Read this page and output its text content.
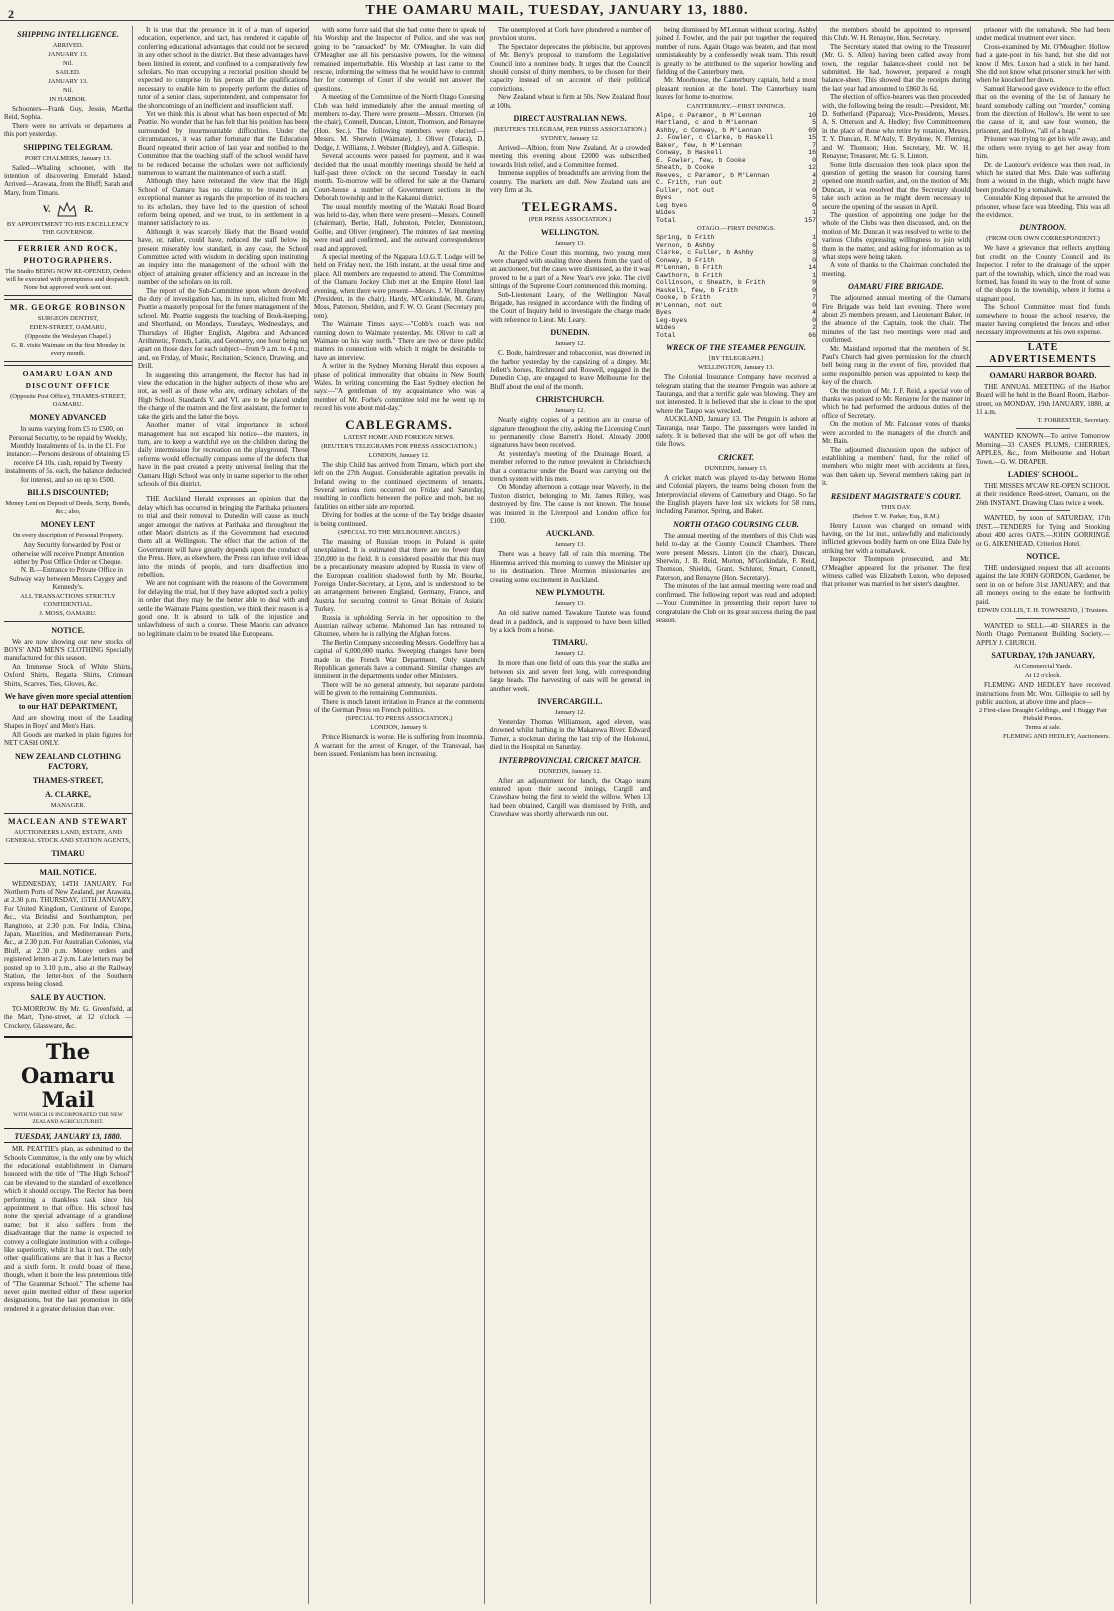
2	THE OAMARU MAIL, TUESDAY, JANUARY 13, 1880.
SHIPPING INTELLIGENCE.
ARRIVED.
JANUARY 13.
Nil.
SAILED.
JANUARY 13.
Nil.
IN HARBOR.

Schooners—Frank Guy, Jessie, Martha Reid, Sophia.

There were no arrivals or departures at this port yesterday.

SHIPPING TELEGRAM.
PORT CHALMERS, January 13.

Sailed—Whaling schooner, with the intention of discovering Emerald Island. Arrived—Arawata, from the Bluff; Sarah and Mary, from Timaru.

V.	R.
BY APPOINTMENT TO HIS EXCELLENCY THE GOVERNOR.
FERRIER AND ROCK, PHOTOGRAPHERS.
The Studio BEING NOW RE-OPENED, Orders will be executed with promptness and despatch. None but approved work sent out.
MR. GEORGE ROBINSON
SURGEON DENTIST,
EDEN-STREET, OAMARU,
(Opposite the Wesleyan Chapel.)
G. R. visits Waimate on the first Monday in every month.
OAMARU LOAN AND DISCOUNT OFFICE
(Opposite Post Office), THAMES-STREET, OAMARU.
MONEY ADVANCED

In sums varying from £5 to £500, on Personal Security, to be repaid by Weekly, Monthly Instalments of 1s. in the £1. For instance:—Persons desirous of obtaining £5 receive £4 10s. cash, repaid by Twenty instalments of 5s. each, the balance deducted for interest, and so on up to £500.

BILLS DISCOUNTED;
Money Lent on Deposit of Deeds, Scrip, Bonds, &c.; also,
MONEY LENT
On every description of Personal Property.

Any Security forwarded by Post or otherwise will receive Prompt Attention either by Post Office Order or Cheque.

N. B.—Entrance to Private Office in Subway way between Messrs Caygey and Kennedy's.

ALL TRANSACTIONS STRICTLY CONFIDENTIAL.
J. MOSS, OAMARU.
NOTICE.

We are now showing our new stocks of BOYS' AND MEN'S CLOTHING Specially manufactured for this season.

An Immense Stock of White Shirts, Oxford Shirts, Regatta Shirts, Crimean Shirts, Scarves, Ties, Gloves, &c.

We have given more special attention to our HAT DEPARTMENT,

And are showing most of the Leading Shapes in Boys' and Men's Hats.

All Goods are marked in plain figures for NET CASH ONLY.

NEW ZEALAND CLOTHING FACTORY,
THAMES-STREET,
A. CLARKE,
MANAGER.
MACLEAN AND STEWART
AUCTIONEERS LAND, ESTATE, AND GENERAL STOCK AND STATION AGENTS,
TIMARU
MAIL NOTICE.

WEDNESDAY, 14TH JANUARY. For Northern Ports of New Zealand, per Arawata, at 2.30 p.m. THURSDAY, 15TH JANUARY. For United Kingdom, Continent of Europe, &c., via Brindisi and Southampton, per Rangitoto, at 2.30 p.m. For India, China, Japan, Mauritius, and Mediterranean Ports, &c., at 2.30 p.m. For Australian Colonies, via Bluff, at 2.30 p.m. Money orders and registered letters at 2 p.m. Late letters may be posted up to 3.10 p.m., also at the Railway Station, the letter-box of the Southern express being closed.

SALE BY AUCTION.

TO-MORROW. By Mr. G. Greenfield, at the Mart, Tyne-street, at 12 o'clock — Crockery, Glassware, &c.

The Oamaru Mail
WITH WHICH IS INCORPORATED THE NEW ZEALAND AGRICULTURIST.
TUESDAY, JANUARY 13, 1880.

MR. PEATTIE's plan, as submitted to the Schools Committee, is the only one by which the educational establishment in Oamaru honored with the title of "The High School" can be elevated to the standard of excellence which it should occupy. The Rector has been performing a thankless task since his appointment to that office. His school has none the special advantage of a grandiose name; but it also suffers from the disadvantage that the name is expected to convey a collegiate institution with a college-like superiority, whilst it has it not. The only other qualifications are that it has a Rector and a sixth form. It could boast of these, though, when it bore the less pretentious title of "The Grammar School." The scheme has never quite merited either of these superior designations, but the last promotion in title rendered it a greater delusion than ever.

It is true that the presence in it of a man of superior education, experience, and tact, has rendered it capable of conferring educational advantages that could not be secured in any other school in the district. But these advantages have been limited in extent, and confined to a comparatively few scholars. No man occupying a rectorial position should be expected to comprise in his person all the qualifications necessary to enable him to properly perform the duties of tutor of a senior class, superintendent, and compensator for the shortcomings of an inefficient and insufficient staff.

Yet we think this is about what has been expected of Mr. Peattie. No wonder that he has felt that his position has been surrounded by insurmountable difficulties. Under the circumstances, it was rather fortunate that the Education Board repeated their action of last year and notified to the Committee that the teaching staff of the school would have to be reduced because the scholars were not sufficiently numerous to warrant the maintenance of such a staff.

Although they have reiterated the view that the High School of Oamaru has no claims to be treated in an exceptional manner as regards the proportion of its teachers to its scholars, they have led to the question of school reform being opened, and we trust, to its settlement in a manner satisfactory to us.

Although it was scarcely likely that the Board would have, or, rather, could have, reduced the staff below its present miserably low standard, in any case, the School Committee acted with wisdom in deciding upon instituting an inquiry into the management of the school with the object of attaining greater efficiency and an increase in the number of the scholars on its roll.

The report of the Sub-Committee upon whom devolved the duty of investigation has, in its turn, elicited from Mr. Peattie a masterly proposal for the future management of the school. Mr. Peattie suggests the teaching of Book-keeping, and Shorthand, on Mondays, Tuesdays, Wednesdays, and Thursdays of Higher English, Algebra and Advanced Arithmetic, French, Latin, and Geometry, one hour being set apart on those days for each subject—from 9 a.m. to 4 p.m.; and, on Friday, of Music, Recitation, Science, Drawing, and Drill.

In suggesting this arrangement, the Rector has had in view the education in the higher subjects of those who are not, as well as of those who are, ordinary scholars of the High School. Standards V. and VI. are to be placed under the charge of the matron and the first assistant, the former to take the girls and the latter the boys.

Another matter of vital importance in school management has not escaped his notice—the masters, in turn, are to keep a watchful eye on the children during the daily intermission for recreation on the playground. These reforms would effectually compass some of the defects that have in the past created a pretty universal feeling that the Oamaru High School was only in name superior to the other schools of this district.

THE Auckland Herald expresses an opinion that the delay which has occurred in bringing the Parihaka prisoners to trial and their removal to Dunedin will cause as much anger amongst the natives at Parihaka and throughout the other Maori districts as if the Government had executed them all at Wellington. The effect that the action of the Government will have greatly depends upon the conduct of the Press. Here, as elsewhere, the Press can infuse evil ideas into the minds of people, and turn disaffection into rebellion.

We are not cognisant with the reasons of the Government for delaying the trial, but if they have adopted such a policy in order that they may be the better able to deal with and settle the Waimate Plains question, we think their reason is a good one. It is absurd to talk of the injustice and unlawfulness of such a course. These Maoris can advance no legitimate claim to be treated like Europeans.

with some force said that she had come there to speak to his Worship and the Inspector of Police, and she was not going to be "ransacked" by Mr. O'Meagher. In vain did O'Meagher use all his persuasive powers, for the witness remained imperturbable. His Worship at last came to the rescue, informing the witness that he would have to commit her for contempt of Court if she would not answer the questions.

A meeting of the Committee of the North Otago Coursing Club was held immediately after the annual meeting of members to-day. There were present—Messrs. Ottorsen (in the chair), Connell, Duncan, Lintott, Thomson, and Renayne (Hon. Sec.). The following members were elected:—Messrs. M. Sherwin (Waimate), J. Oliver (Totara), D. Dodge, J. Williams, J. Webster (Ridgley), and A. Gillespie.

Several accounts were passed for payment, and it was decided that the usual monthly meetings should be held at half-past three o'clock on the second Tuesday in each month. To-morrow will be offered for sale at the Oamaru Court-house a number of Government sections in the Deborah township and in the Kakanui district.

The usual monthly meeting of the Waitaki Road Board was held to-day, when there were present—Messrs. Connell (chairman), Bertie, Hall, Johnston, Petcler, Dennistoun, Gollie, and Oliver (engineer). The minutes of last meeting were read and confirmed, and the outward correspondence read and approved.

A special meeting of the Ngapara I.O.G.T. Lodge will be held on Friday next, the 16th instant, at the usual time and place. All members are requested to attend. The Committee of the Oamaru Jockey Club met at the Empire Hotel last evening, when there were present—Messrs. J. W. Humphrey (President, in the chair), Hardy, M'Corkindale, M. Grant, Moss, Paterson, Sheldon, and F. W. O. Grant (Secretary pro tem).

The Waimate Times says:—"Cobb's coach was not running down to Waimate yesterday. Mr. Oliver to call at Waimate on his way north." There are two or three public matters in connection with which it might be desirable to have an interview.

A writer in the Sydney Morning Herald thus exposes a phase of political immorality that obtains in New South Wales. In writing concerning the East Sydney election he says:—"A gentleman of my acquaintance who was a member of Mr. Forbe's committee told me he went up to record his vote about mid-day."

CABLEGRAMS.
LATEST HOME AND FOREIGN NEWS.
(REUTER'S TELEGRAMS FOR PRESS ASSOCIATION.)
LONDON, January 12.

The ship Child has arrived from Timaru, which port she left on the 27th August. Considerable agitation prevails in Ireland owing to the continued ejectments of tenants. Several serious riots occurred on Friday and Saturday, resulting in conflicts between the police and mob, but no fatalities on either side are reported.

Diving for bodies at the scene of the Tay bridge disaster is being continued.

(SPECIAL TO THE MELBOURNE ARGUS.)

The massing of Russian troops in Poland is quite unexplained. It is estimated that there are no fewer than 350,000 in the field. It is considered possible that this may be a precautionary measure adopted by Russia in view of the European coalition shadowed forth by Mr. Bourke, Foreign Under-Secretary, at Lynn, and is understood to be an arrangement between England, Germany, France, and Austria for securing control to Great Britain of Asiatic Turkey.

Russia is upholding Servia in her opposition to the Austrian railway scheme. Mahomed Jan has retreated to Ghuznee, where he is rallying the Afghan forces.

The Berlin Company succeeding Messrs. Godeffroy has a capital of 6,000,000 marks. Sweeping changes have been made in the French War Department. Only staunch Republican generals have a command. Similar changes are imminent in the departments under other Ministers.

There will be no general amnesty, but separate pardons will be given to the remaining Communists.

There is much latent irritation in France at the comments of the German Press on French politics.

(SPECIAL TO PRESS ASSOCIATION.)
LONDON, January 9.

Prince Bismarck is worse. He is suffering from insomnia. A warrant for the arrest of Kruger, of the Transvaal, has been issued. Fenianism has been increasing.

The unemployed at Cork have plundered a number of provision stores.

The Spectator deprecates the plebiscite, but approves of Mr. Berry's proposal to transform the Legislative Council into a nominee body. It urges that the Council should consist of thirty members, to be chosen for their capacity instead of on account of their political convictions.

New Zealand wheat is firm at 50s. New Zealand flour at 100s.

DIRECT AUSTRALIAN NEWS.
(REUTER'S TELEGRAM, PER PRESS ASSOCIATION.)
SYDNEY, January 12.

Arrived—Albion, from New Zealand. At a crowded meeting this evening about £2000 was subscribed towards Irish relief, and a Committee formed.

Immense supplies of breadstuffs are arriving from the country. The markets are dull. New Zealand oats are very firm at 3s.

TELEGRAMS.
(PER PRESS ASSOCIATION.)
WELLINGTON.
January 13.

At the Police Court this morning, two young men were charged with stealing three sheets from the yard of an auctioneer, but the cases were dismissed, as the it was proved to be a part of a New Year's eve joke. The civil sittings of the Supreme Court commenced this morning.

Sub-Lieutenant Leary, of the Wellington Naval Brigade, has resigned in accordance with the finding of the Court of Inquiry held to investigate the charge made with reference to Lieut. Mc Leary.

DUNEDIN.
January 12.

C. Bode, hairdresser and tobacconist, was drowned in the harbor yesterday by the capsizing of a dingey. Mr. Jellett's horses, Richmond and Roswell, engaged in the Dunedin Cup, are engaged to leave Melbourne for the Bluff about the end of the month.

CHRISTCHURCH.
January 12.

Nearly eighty copies of a petition are in course of signature throughout the city, asking the Licensing Court to permanently close Barrett's Hotel. Already 2000 signatures have been received.

At yesterday's meeting of the Drainage Board, a member referred to the rumor prevalent in Christchurch that a contractor under the Board was carrying out the trench system with his men.

On Monday afternoon a cottage near Waverly, in the Tuxton district, belonging to Mr. James Rilley, was destroyed by fire. The cause is not known. The house was insured in the Liverpool and London office for £100.

AUCKLAND.
January 13.

There was a heavy fall of rain this morning. The Hinemoa arrived this morning to convey the Minister up to its destination. Three Mormon missionaries are creating some excitement in Auckland.

NEW PLYMOUTH.
January 13.

An old native named Tawakure Tautete was found dead in a paddock, and is supposed to have been killed by a kick from a horse.

TIMARU.
January 12.

In more than one field of oats this year the stalks are between six and seven feet long, with corresponding large heads. The harvesting of oats will be general in another week.

INVERCARGILL.
January 12.

Yesterday Thomas Williamson, aged eleven, was drowned whilst bathing in the Makarewa River. Edward Turner, a stockman during the last trip of the Hokonui, died in the Hospital on Saturday.

INTERPROVINCIAL CRICKET MATCH.
DUNEDIN, January 12.

After an adjournment for lunch, the Otago team entered upon their second innings, Cargill and Crawshaw being the first to wield the willow. When 13 had been obtained, Cargill was dismissed by Frith, and Crawshaw was shortly afterwards run out.

being dismissed by M'Lennan without scoring. Ashby joined J. Fowler, and the pair put together the required number of runs. Again Otago was beaten, and that most unmistakeably by a confessedly weak team. This result is greatly to be attributed to the superior bowling and fielding of the Canterbury men.

Mr. Moorhouse, the Canterbury captain, held a most pleasant reunion at the hotel. The Canterbury team leaves for home to-morrow.

CANTERBURY.—FIRST INNINGS.
Alpe, c Paramor, b M'Lennan	10
Hartland, c and b M'Lennan	5
Ashby, c Conway, b M'Lennan	69
J. Fowler, c Clarke, b Haskell	15
Baker, few, b M'Lennan	7
Conway, b Haskell	16
E. Fowler, few, b Cooke	0
Sheath, b Cooke	12
Reeves, c Paramor, b M'Lennan	4
C. Frith, run out	2
Fuller, not out	0
Byes	5
Leg byes	0
Wides	1
Total	157
OTAGO.—FIRST INNINGS.
Spring, b Frith	1
Vernon, b Ashby	6
Clarke, c Fuller, b Ashby	3
Conway, b Frith	0
M'Lennan, b Frith	14
Cawthorn, b Frith	1
Collinson, c Sheath, b Frith	9
Haskell, few, b Frith	0
Cooke, b Frith	7
M'Lennan, not out	0
Byes	4
Leg-byes	0
Wides	2
Total	66
WRECK OF THE STEAMER PENGUIN.
[BY TELEGRAPH.]
WELLINGTON, January 13.

The Colonial Insurance Company have received a telegram stating that the steamer Penguin was ashore at Tauranga, and that a terrific gale was blowing. They are not interested. It is believed that she is close to the spot where the Taupo was wrecked.

AUCKLAND, January 13. The Penguin is ashore at Tauranga, near Taupo. The passengers were landed in safety. It is believed that she will be got off when the tide flows.

CRICKET.
DUNEDIN, January 13.

A cricket match was played to-day between Home and Colonial players, the teams being chosen from the Interprovincial elevens of Canterbury and Otago. So far the English players have lost six wickets for 58 runs, including Paramor, Spring, and Baker.

NORTH OTAGO COURSING CLUB.

The annual meeting of the members of this Club was held to-day at the County Council Chambers. There were present Messrs. Lintott (in the chair), Duncan, Sherwin, J. B. Reid, Morton, M'Gorkindale, F. Reid, Thomson, Shields, Grant, Schluter, Smart, Connell, Paterson, and Renayne (Hon. Secretary).

The minutes of the last annual meeting were read and confirmed. The following report was read and adopted:—Your Committee in presenting their report have to congratulate the Club on its great success during the past season.

the members should be appointed to represent this Club. W. H. Renayne, Hon. Secretary.

The Secretary stated that owing to the Treasurer (Mr. G. S. Allen) having been called away from town, the regular balance-sheet could not be submitted. He had, however, prepared a rough balance-sheet. This showed that the receipts during the last year had amounted to £860 3s 6d.

The election of office-bearers was then proceeded with, the following being the result:—President, Mr. D. Sutherland (Paparoa); Vice-Presidents, Messrs. A. S. Otterson and A. Hedley; five Committeemen in the place of those who retire by rotation, Messrs. T. Y. Duncan, R. M'Auly, T. Brydone, N. Fleming, and W. Thomson; Hon. Secretary, Mr. W. H. Renayne; Treasurer, Mr. G. S. Lintott.

Some little discussion then took place upon the question of getting the season for coursing hares opened one month earlier, and, on the motion of Mr. Duncan, it was resolved that the Secretary should take such action as he might deem necessary to secure the opening of the season in April.

The question of appointing one judge for the whole of the Clubs was then discussed, and, on the motion of Mr. Duncan it was resolved to write to the various Clubs expressing willingness to join with them in the matter, and asking for information as to what steps were being taken.

A vote of thanks to the Chairman concluded the meeting.

OAMARU FIRE BRIGADE.

The adjourned annual meeting of the Oamaru Fire Brigade was held last evening. There were about 25 members present, and Lieutenant Baker, in the absence of the Captain, took the chair. The minutes of the last two meetings were read and confirmed.

Mr. Mainland reported that the members of St. Paul's Church had given permission for the church bell being rung in the event of fire, provided that some responsible person was appointed to keep the key of the church.

On the motion of Mr. J. F. Reid, a special vote of thanks was passed to Mr. Renayne for the manner in which he had performed the arduous duties of the office of Secretary.

On the motion of Mr. Falconer votes of thanks were accorded to the managers of the church and Mr. Bain.

The adjourned discussion upon the subject of establishing a members' fund, for the relief of members who might meet with accidents at fires, was then taken up. Several members taking part in it.

RESIDENT MAGISTRATE'S COURT.
THIS DAY.
(Before T. W. Parker, Esq., R.M.)

Henry Luxon was charged on remand with having, on the 1st inst., unlawfully and maliciously inflicted grievous bodily harm on one Eliza Dale by striking her with a tomahawk.

Inspector Thompson prosecuted, and Mr. O'Meagher appeared for the prisoner. The first witness called was Elizabeth Luxon, who deposed that prisoner was married to her sister's daughter.

prisoner with the tomahawk. She had been under medical treatment ever since.

Cross-examined by Mr. O'Meagher: Hollow had a gate-post in his hand, but she did not know if Mrs. Luxon had a stick in her hand. She did not know what prisoner struck her with when he knocked her down.

Samuel Harwood gave evidence to the effect that on the evening of the 1st of January he heard somebody calling out "murder," coming from the direction of Hollow's. He went to see the cause of it, and saw four women, the prisoner, and Hollow, "all of a heap."

Prisoner was trying to get his wife away, and the others were trying to get her away from him.

Dr. de Lautour's evidence was then read, in which he stated that Mrs. Dale was suffering from a wound in the thigh, which might have been produced by a tomahawk.

Constable King deposed that he arrested the prisoner, whose face was bleeding. This was all the evidence.

DUNTROON.
(FROM OUR OWN CORRESPONDENT.)

We have a grievance that reflects anything but credit on the County Council and its Inspector. I refer to the drainage of the upper part of the township, which, since the road was formed, has found its way to the front of some of the shops in the township, where it forms a stagnant pool.

The School Committee must find funds somewhere to house the school reserve, the master having completed the fences and other necessary improvements at his own expense.

LATE ADVERTISEMENTS
OAMARU HARBOR BOARD.

THE ANNUAL MEETING of the Harbor Board will be held in the Board Room, Harbor-street, on MONDAY, 19th JANUARY, 1880, at 11 a.m.

T. FORRESTER, Secretary.

WANTED KNOWN—To arrive Tomorrow Morning—33 CASES PLUMS, CHERRIES, APPLES, &c., from Melbourne and Hobart Town.—G. W. DRAPER.

LADIES' SCHOOL.

THE MISSES M'CAW RE-OPEN SCHOOL at their residence Reed-street, Oamaru, on the 26th INSTANT. Drawing Class twice a week.

WANTED, by soon of SATURDAY, 17th INST.—TENDERS for Tying and Stooking about 400 acres OATS.—JOHN GORRINGE or G. AIKENHEAD, Criterion Hotel.

NOTICE.

THE undersigned request that all accounts against the late JOHN GORDON, Gardener, be sent in on or before 31st JANUARY; and that all moneys owing to the estate be forthwith paid.

EDWIN COLLIS, T. H. TOWNSEND, } Trustees.

WANTED to SELL—40 SHARES in the North Otago Permanent Building Society.—APPLY J. CHURCH.

SATURDAY, 17th JANUARY,
At Commercial Yards.
At 12 o'clock.

FLEMING AND HEDLEY have received instructions from Mr. Wm. Gillespie to sell by public auction, at above time and place—

2 First-class Draught Geldings, and 1 Buggy Pair Piebald Ponies.
Terms at sale.
FLEMING AND HEDLEY, Auctioneers.
